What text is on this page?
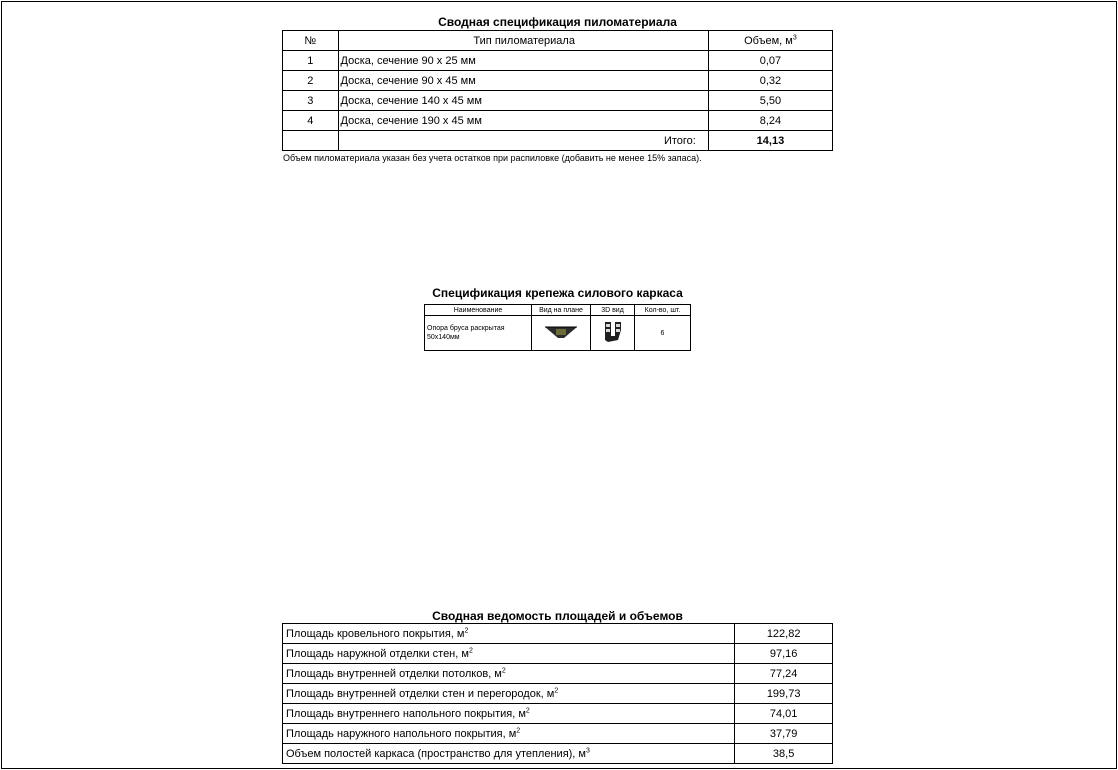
Сводная спецификация пиломатериала
№	Тип пиломатериала	Объем, $м^3$
1	Доска, сечение 90 х 25 мм	0,07
2	Доска, сечение 90 х 45 мм	0,32
3	Доска, сечение 140 х 45 мм	5,50
4	Доска, сечение 190 х 45 мм	8,24
	Итого:	14,13
Объем пиломатериала указан без учета остатков при распиловке (добавить не менее 15% запаса).
Спецификация крепежа силового каркаса
Наименование	Вид на плане	3D вид	Кол-во, шт.
Опора бруса раскрытая 50х140мм			6
Сводная ведомость площадей и объемов
Площадь кровельного покрытия, $м^2$	122,82
Площадь наружной отделки стен, $м^2$	97,16
Площадь внутренней отделки потолков, $м^2$	77,24
Площадь внутренней отделки стен и перегородок, $м^2$	199,73
Площадь внутреннего напольного покрытия, $м^2$	74,01
Площадь наружного напольного покрытия, $м^2$	37,79
Объем полостей каркаса (пространство для утепления), $м^3$	38,5
